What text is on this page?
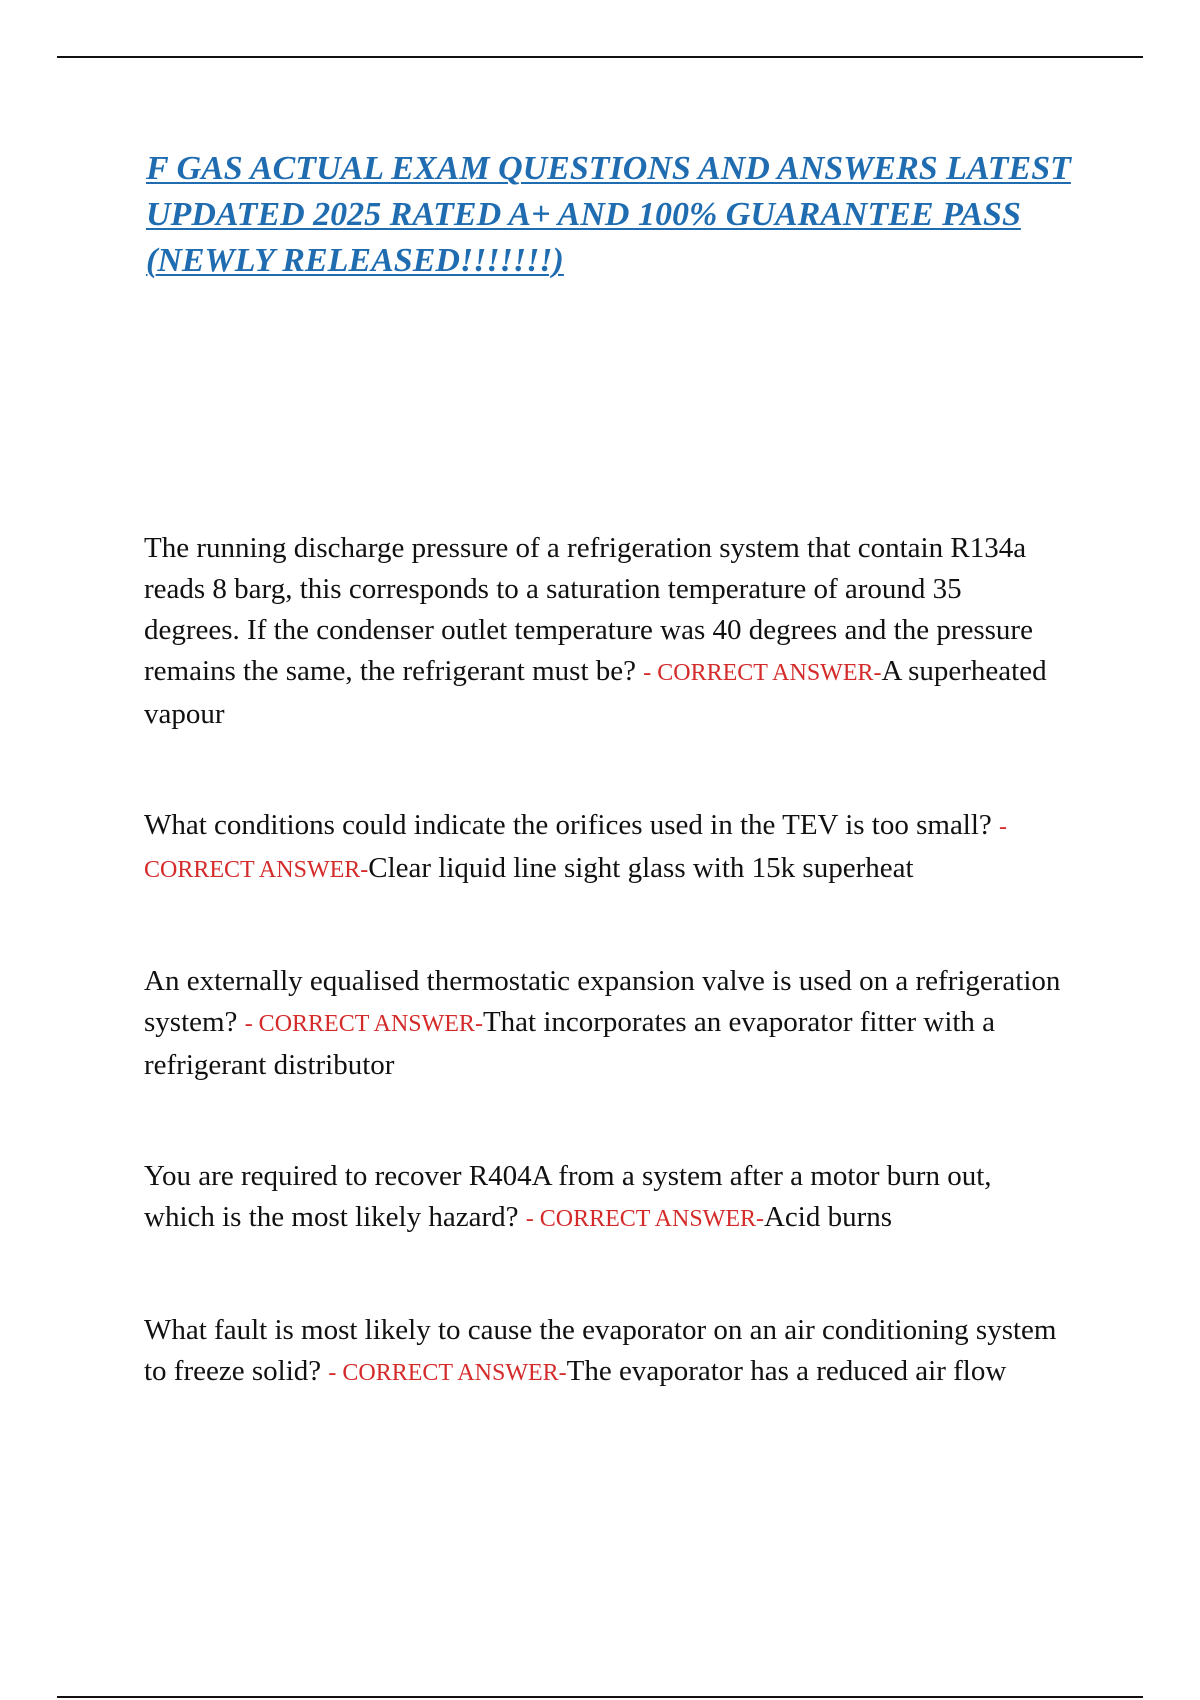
F GAS ACTUAL EXAM QUESTIONS AND ANSWERS LATEST UPDATED 2025 RATED A+ AND 100% GUARANTEE PASS (NEWLY RELEASED!!!!!!!)

The running discharge pressure of a refrigeration system that contain R134a reads 8 barg, this corresponds to a saturation temperature of around 35 degrees. If the condenser outlet temperature was 40 degrees and the pressure remains the same, the refrigerant must be? - CORRECT ANSWER-A superheated vapour

What conditions could indicate the orifices used in the TEV is too small? - CORRECT ANSWER-Clear liquid line sight glass with 15k superheat

An externally equalised thermostatic expansion valve is used on a refrigeration system? - CORRECT ANSWER-That incorporates an evaporator fitter with a refrigerant distributor

You are required to recover R404A from a system after a motor burn out, which is the most likely hazard? - CORRECT ANSWER-Acid burns

What fault is most likely to cause the evaporator on an air conditioning system to freeze solid? - CORRECT ANSWER-The evaporator has a reduced air flow
